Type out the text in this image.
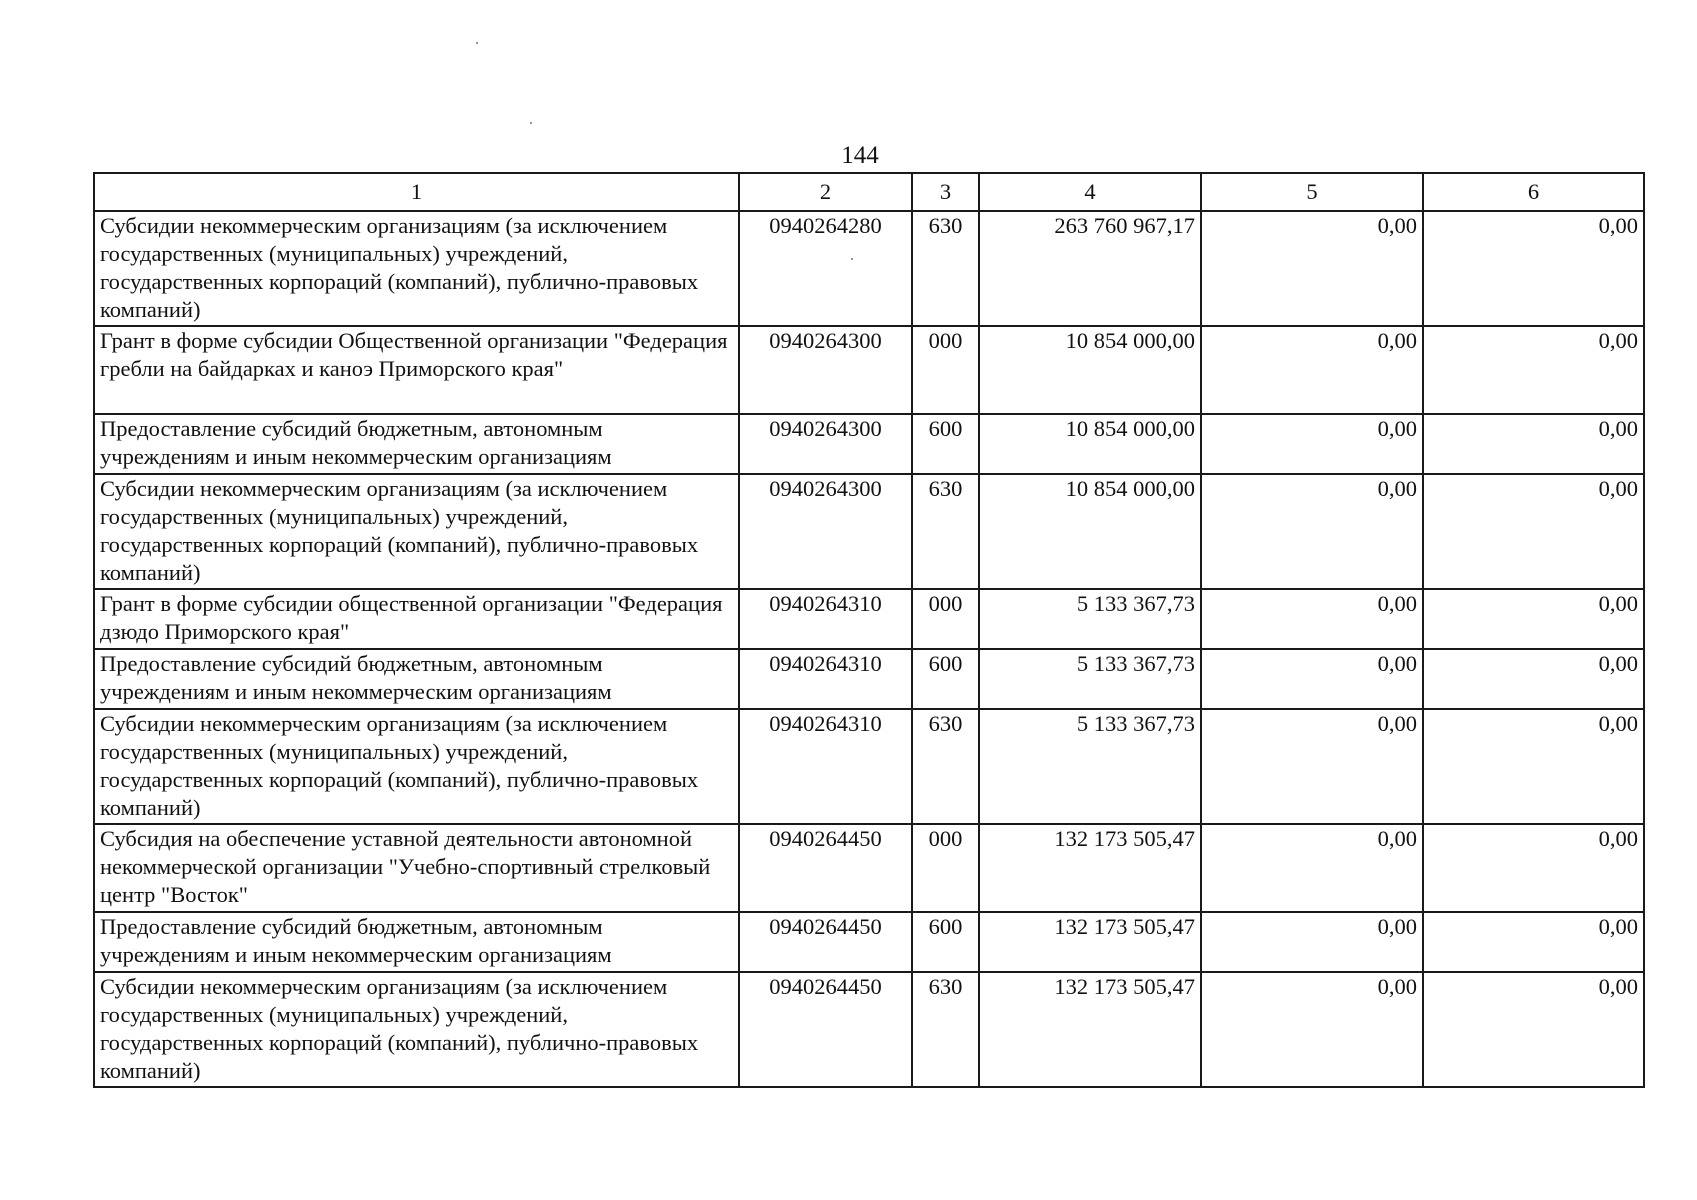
144
1	2	3	4	5	6
Субсидии некоммерческим организациям (за исключением государственных (муниципальных) учреждений, государственных корпораций (компаний), публично-правовых компаний)	0940264280	630	263 760 967,17	0,00	0,00
Грант в форме субсидии Общественной организации "Федерация гребли на байдарках и каноэ Приморского края"	0940264300	000	10 854 000,00	0,00	0,00
Предоставление субсидий бюджетным, автономным учреждениям и иным некоммерческим организациям	0940264300	600	10 854 000,00	0,00	0,00
Субсидии некоммерческим организациям (за исключением государственных (муниципальных) учреждений, государственных корпораций (компаний), публично-правовых компаний)	0940264300	630	10 854 000,00	0,00	0,00
Грант в форме субсидии общественной организации "Федерация дзюдо Приморского края"	0940264310	000	5 133 367,73	0,00	0,00
Предоставление субсидий бюджетным, автономным учреждениям и иным некоммерческим организациям	0940264310	600	5 133 367,73	0,00	0,00
Субсидии некоммерческим организациям (за исключением государственных (муниципальных) учреждений, государственных корпораций (компаний), публично-правовых компаний)	0940264310	630	5 133 367,73	0,00	0,00
Субсидия на обеспечение уставной деятельности автономной некоммерческой организации "Учебно-спортивный стрелковый центр "Восток"	0940264450	000	132 173 505,47	0,00	0,00
Предоставление субсидий бюджетным, автономным учреждениям и иным некоммерческим организациям	0940264450	600	132 173 505,47	0,00	0,00
Субсидии некоммерческим организациям (за исключением государственных (муниципальных) учреждений, государственных корпораций (компаний), публично-правовых компаний)	0940264450	630	132 173 505,47	0,00	0,00
